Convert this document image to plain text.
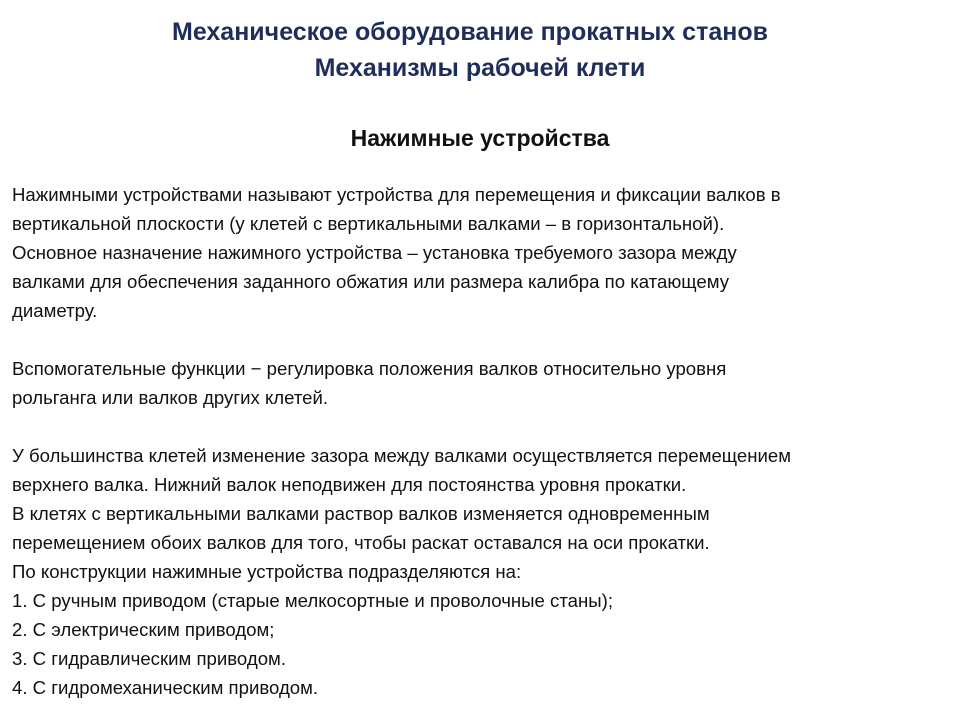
Механическое оборудование прокатных станов
Механизмы рабочей клети
Нажимные устройства

Нажимными устройствами называют устройства для перемещения и фиксации валков в

вертикальной плоскости (у клетей с вертикальными валками – в горизонтальной).

Основное назначение нажимного устройства – установка требуемого зазора между

валками для обеспечения заданного обжатия или размера калибра по катающему

диаметру.

Вспомогательные функции − регулировка положения валков относительно уровня

рольганга или валков других клетей.

У большинства клетей изменение зазора между валками осуществляется перемещением

верхнего валка. Нижний валок неподвижен для постоянства уровня прокатки.

В клетях с вертикальными валками раствор валков изменяется одновременным

перемещением обоих валков для того, чтобы раскат оставался на оси прокатки.

По конструкции нажимные устройства подразделяются на:

1. С ручным приводом (старые мелкосортные и проволочные станы);

2. С электрическим приводом;

3. С гидравлическим приводом.

4. С гидромеханическим приводом.
